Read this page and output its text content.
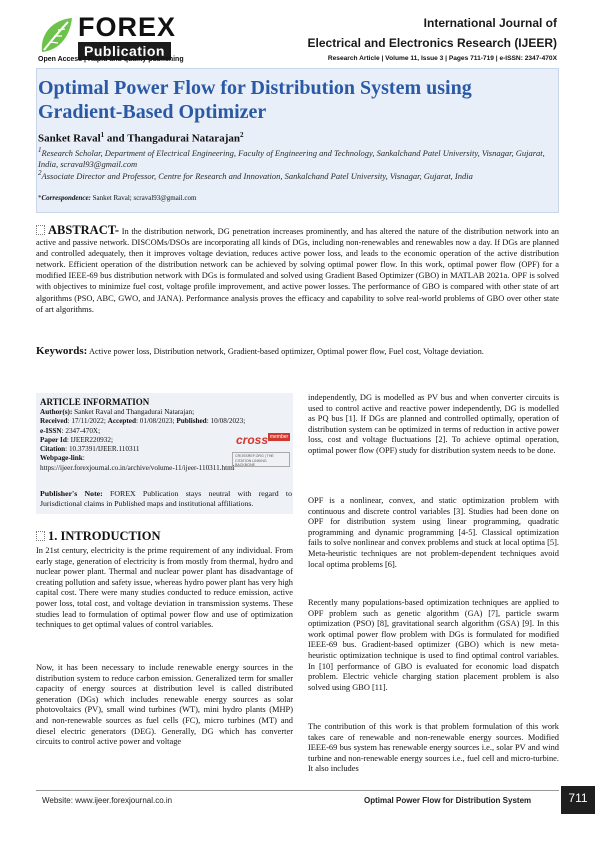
FOREX
Publication
Open Access | Rapid and quality publishing
International Journal of
Electrical and Electronics Research (IJEER)
Research Article | Volume 11, Issue 3 | Pages 711-719 | e-ISSN: 2347-470X
Optimal Power Flow for Distribution System using Gradient-Based Optimizer
Sanket Raval$^1$ and Thangadurai Natarajan$^2$
$^1$Research Scholar, Department of Electrical Engineering, Faculty of Engineering and Technology, Sankalchand Patel University, Visnagar, Gujarat, India, scraval93@gmail.com
$^2$Associate Director and Professor, Centre for Research and Innovation, Sankalchand Patel University, Visnagar, Gujarat, India
*Correspondence: Sanket Raval; scraval93@gmail.com
ABSTRACT- In the distribution network, DG penetration increases prominently, and has altered the nature of the distribution network into an active and passive network. DISCOMs/DSOs are incorporating all kinds of DGs, including non-renewables and renewables now a day. If DGs are planned and controlled adequately, then it improves voltage deviation, reduces active power loss, and leads to the economic operation of the active distribution network. Efficient operation of the distribution network can be achieved by solving optimal power flow. In this work, optimal power flow (OPF) for a modified IEEE-69 bus distribution network with DGs is formulated and solved using Gradient Based Optimizer (GBO) in MATLAB 2021a. OPF is solved with objectives to minimize fuel cost, voltage profile improvement, and active power losses. The performance of GBO is compared with other state of art algorithms (PSO, ABC, GWO, and JANA). Performance analysis proves the efficacy and capability to solve real-world problems of GBO over other state of art algorithms.
Keywords: Active power loss, Distribution network, Gradient-based optimizer, Optimal power flow, Fuel cost, Voltage deviation.
ARTICLE INFORMATION
Author(s): Sanket Raval and Thangadurai Natarajan;
Received: 17/11/2022; Accepted: 01/08/2023; Published: 10/08/2023;
e-ISSN: 2347-470X;
Paper Id: IJEER220932;
Citation: 10.37391/IJEER.110311
Webpage-link:
https://ijeer.forexjournal.co.in/archive/volume-11/ijeer-110311.html
cross member
CROSSREF.ORG | THE CITATION LINKING BACKBONE
Publisher's Note: FOREX Publication stays neutral with regard to Jurisdictional claims in Published maps and institutional affiliations.
1. INTRODUCTION
In 21st century, electricity is the prime requirement of any individual. From early stage, generation of electricity is from mostly from thermal, hydro and nuclear power plant. Thermal and nuclear power plant has disadvantage of creating pollution and safety issue, whereas hydro power plant has very high capital cost. There were many studies conducted to reduce emission, active power loss, total cost, and voltage deviation in transmission systems. These studies lead to formulation of optimal power flow and use of optimization techniques to get optimal values of control variables.
Now, it has been necessary to include renewable energy sources in the distribution system to reduce carbon emission. Generalized term for smaller capacity of energy sources at distribution level is called distributed generation (DGs) which includes renewable energy sources as solar photovoltaics (PV), small wind turbines (WT), mini hydro plants (MHP) and non-renewable sources as fuel cells (FC), micro turbines (MT) and diesel electric generators (DEG). Generally, DG which has converter circuits to control active power and voltage
independently, DG is modelled as PV bus and when converter circuits is used to control active and reactive power independently, DG is modelled as PQ bus [1]. If DGs are planned and controlled optimally, operation of distribution system can be optimized in terms of reduction in active power loss, cost and voltage fluctuations [2]. To achieve optimal operation, optimal power flow (OPF) study for distribution system needs to be done.
OPF is a nonlinear, convex, and static optimization problem with continuous and discrete control variables [3]. Studies had been done on OPF for distribution system using linear programming, quadratic programming and dynamic programming [4-5]. Classical optimization fails to solve nonlinear and convex problems and stuck at local optima [5]. Meta-heuristic techniques are not problem-dependent techniques avoid local optima problems [6].
Recently many populations-based optimization techniques are applied to OPF problem such as genetic algorithm (GA) [7], particle swarm optimization (PSO) [8], gravitational search algorithm (GSA) [9]. In this work optimal power flow problem with DGs is formulated for modified IEEE-69 bus. Gradient-based optimizer (GBO) which is new meta-heuristic optimization technique is used to find optimal control variables. In [10] performance of GBO is evaluated for economic load dispatch problem. Electric vehicle charging station placement problem is also solved using GBO [11].
The contribution of this work is that problem formulation of this work takes care of renewable and non-renewable energy sources. Modified IEEE-69 bus system has renewable energy sources i.e., solar PV and wind turbine and non-renewable energy sources i.e., fuel cell and micro-turbine. It also includes
Website: www.ijeer.forexjournal.co.in	Optimal Power Flow for Distribution System	711
